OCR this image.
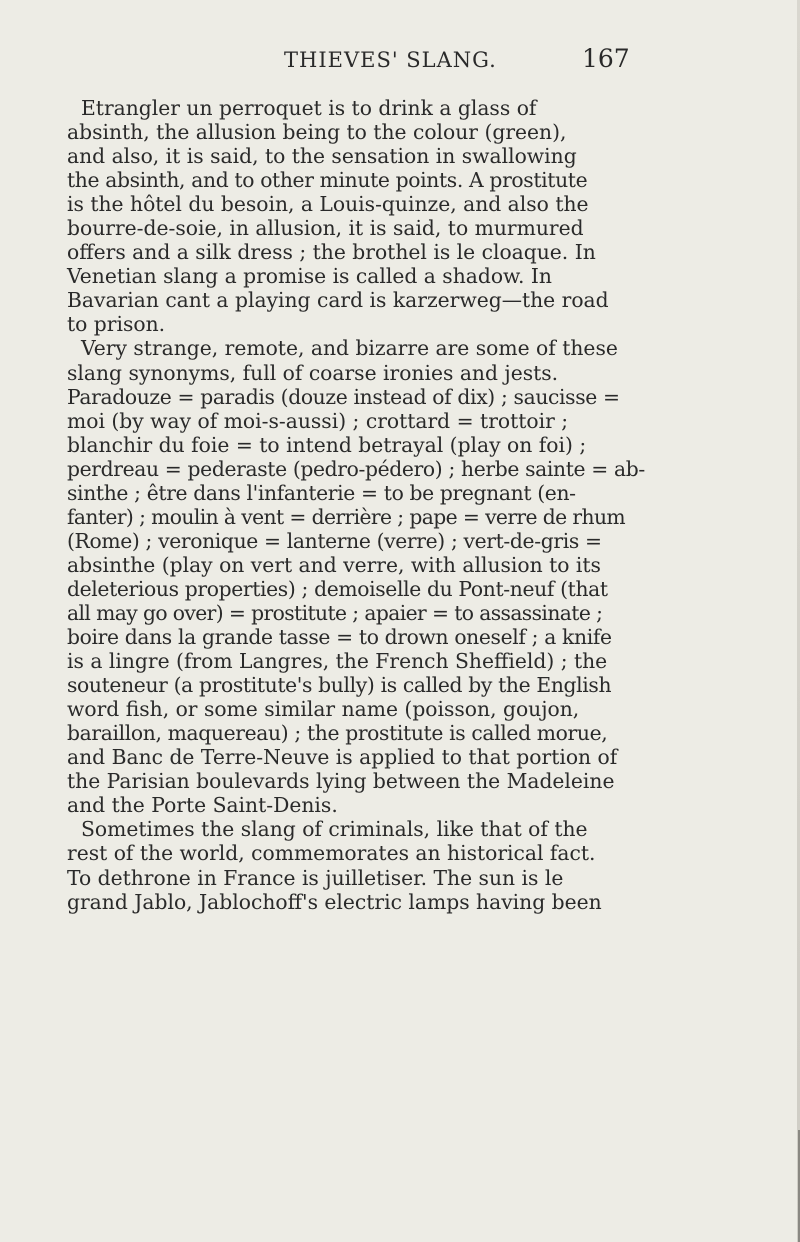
THIEVES' SLANG.	167
Etrangler un perroquet is to drink a glass of
absinth, the allusion being to the colour (green),
and also, it is said, to the sensation in swallowing
the absinth, and to other minute points. A prostitute
is the hôtel du besoin, a Louis-quinze, and also the
bourre-de-soie, in allusion, it is said, to murmured
offers and a silk dress ; the brothel is le cloaque. In
Venetian slang a promise is called a shadow. In
Bavarian cant a playing card is karzerweg—the road
to prison.
Very strange, remote, and bizarre are some of these
slang synonyms, full of coarse ironies and jests.
Paradouze = paradis (douze instead of dix) ; saucisse =
moi (by way of moi-s-aussi) ; crottard = trottoir ;
blanchir du foie = to intend betrayal (play on foi) ;
perdreau = pederaste (pedro-pédero) ; herbe sainte = ab-
sinthe ; être dans l'infanterie = to be pregnant (en-
fanter) ; moulin à vent = derrière ; pape = verre de rhum
(Rome) ; veronique = lanterne (verre) ; vert-de-gris =
absinthe (play on vert and verre, with allusion to its
deleterious properties) ; demoiselle du Pont-neuf (that
all may go over) = prostitute ; apaier = to assassinate ;
boire dans la grande tasse = to drown oneself ; a knife
is a lingre (from Langres, the French Sheffield) ; the
souteneur (a prostitute's bully) is called by the English
word fish, or some similar name (poisson, goujon,
baraillon, maquereau) ; the prostitute is called morue,
and Banc de Terre-Neuve is applied to that portion of
the Parisian boulevards lying between the Madeleine
and the Porte Saint-Denis.
Sometimes the slang of criminals, like that of the
rest of the world, commemorates an historical fact.
To dethrone in France is juilletiser. The sun is le
grand Jablo, Jablochoff's electric lamps having been
